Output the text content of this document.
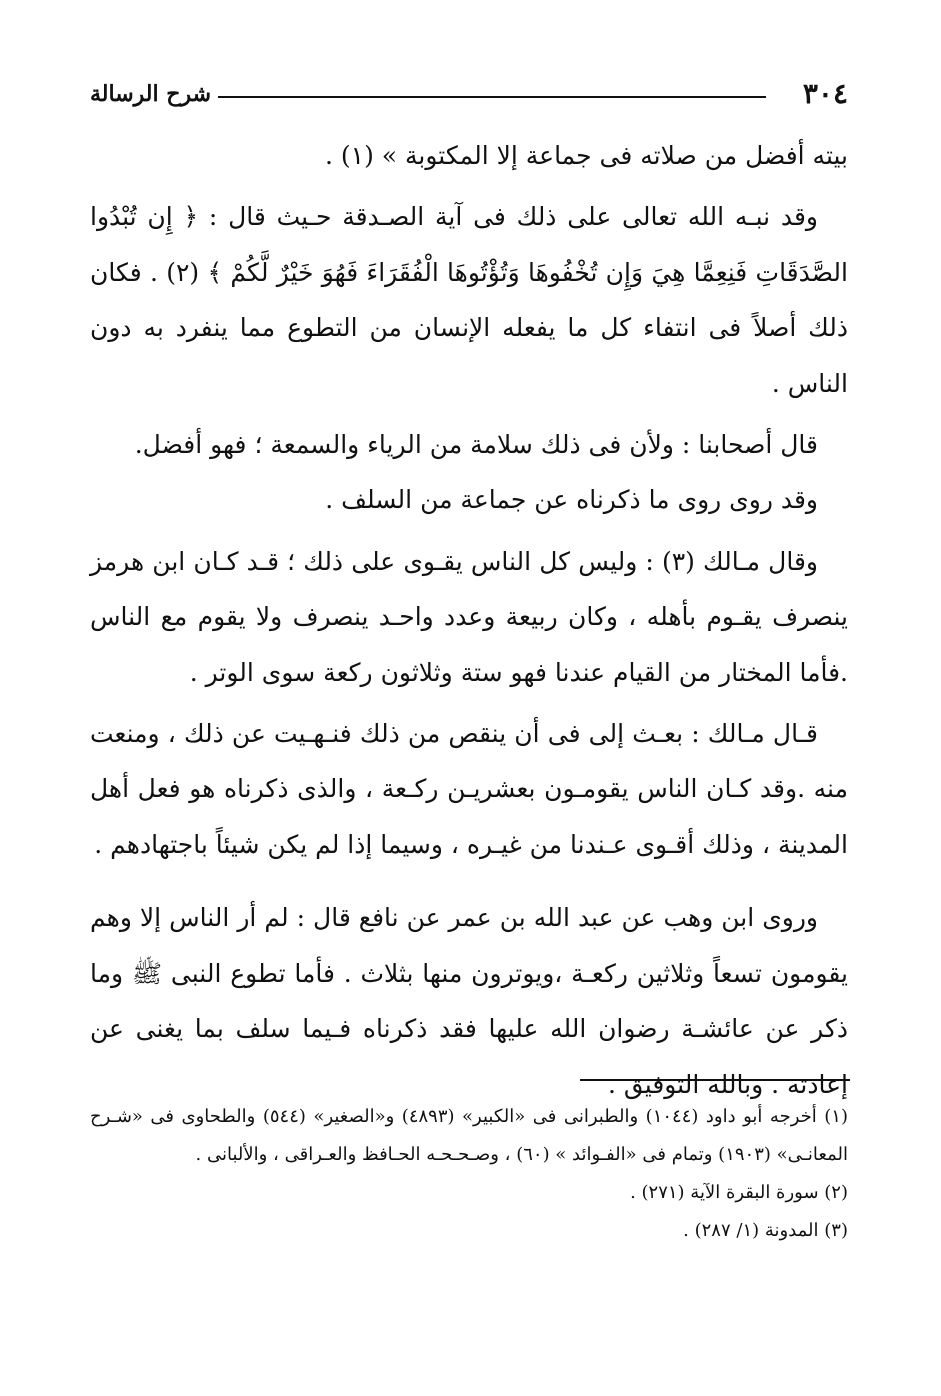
٣٠٤
شرح الرسالة

بيته أفضل من صلاته فى جماعة إلا المكتوبة » (١) .

وقد نبـه الله تعالى على ذلك فى آية الصـدقة حـيث قال : ﴿ إِن تُبْدُوا الصَّدَقَاتِ فَنِعِمَّا هِيَ وَإِن تُخْفُوهَا وَتُؤْتُوهَا الْفُقَرَاءَ فَهُوَ خَيْرٌ لَّكُمْ ﴾ (٢) . فكان ذلك أصلاً فى انتفاء كل ما يفعله الإنسان من التطوع مما ينفرد به دون الناس .

قال أصحابنا : ولأن فى ذلك سلامة من الرياء والسمعة ؛ فهو أفضل.

وقد روى روى ما ذكرناه عن جماعة من السلف .

وقال مـالك (٣) : وليس كل الناس يقـوى على ذلك ؛ قـد كـان ابن هرمز ينصرف يقـوم بأهله ، وكان ربيعة وعدد واحـد ينصرف ولا يقوم مع الناس .فأما المختار من القيام عندنا فهو ستة وثلاثون ركعة سوى الوتر .

قـال مـالك : بعـث إلى فى أن ينقص من ذلك فنـهـيت عن ذلك ، ومنعت منه .وقد كـان الناس يقومـون بعشريـن ركـعة ، والذى ذكرناه هو فعل أهل المدينة ، وذلك أقـوى عـندنا من غيـره ، وسيما إذا لم يكن شيئاً باجتهادهم .

وروى ابن وهب عن عبد الله بن عمر عن نافع قال : لم أر الناس إلا وهم يقومون تسعاً وثلاثين ركعـة ،ويوترون منها بثلاث . فأما تطوع النبى ﷺ وما ذكر عن عائشـة رضوان الله عليها فقد ذكرناه فـيما سلف بما يغنى عن إعادته . وبالله التوفيق .

(١) أخرجه أبو داود (١٠٤٤) والطبرانى فى «الكبير» (٤٨٩٣) و«الصغير» (٥٤٤) والطحاوى فى «شـرح المعانـى» (١٩٠٣) وتمام فى «الفـوائد » (٦٠) ، وصـحـحـه الحـافظ والعـراقى ، والألبانى .

(٢) سورة البقرة الآية (٢٧١) .

(٣) المدونة (١/ ٢٨٧) .
